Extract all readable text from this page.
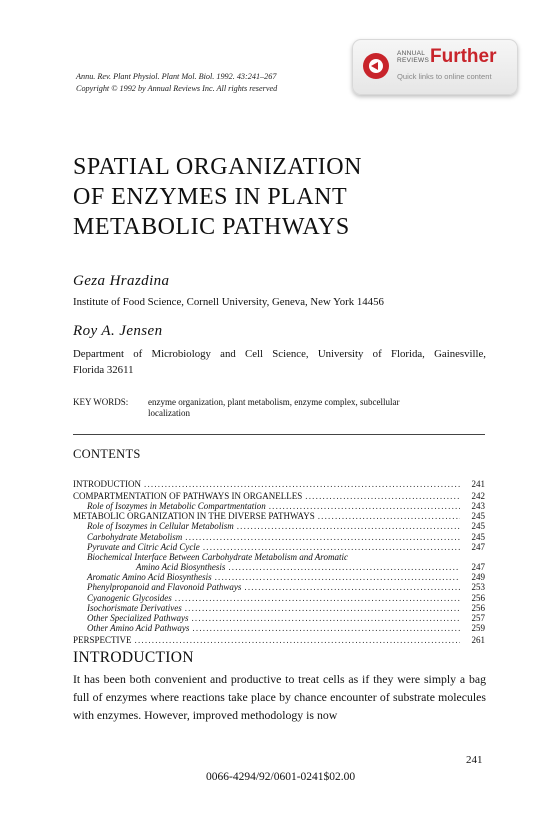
Annu. Rev. Plant Physiol. Plant Mol. Biol. 1992. 43:241–267
Copyright © 1992 by Annual Reviews Inc. All rights reserved
ANNUAL
REVIEWS Further
Quick links to online content
SPATIAL ORGANIZATION
OF ENZYMES IN PLANT
METABOLIC PATHWAYS
Geza Hrazdina
Institute of Food Science, Cornell University, Geneva, New York 14456
Roy A. Jensen
Department of Microbiology and Cell Science, University of Florida, Gainesville,
Florida 32611
KEY WORDS:	enzyme organization, plant metabolism, enzyme complex, subcellular
localization
CONTENTS
INTRODUCTION .....	241
COMPARTMENTATION OF PATHWAYS IN ORGANELLES .....	242
Role of Isozymes in Metabolic Compartmentation .....	243
METABOLIC ORGANIZATION IN THE DIVERSE PATHWAYS .....	245
Role of Isozymes in Cellular Metabolism .....	245
Carbohydrate Metabolism .....	245
Pyruvate and Citric Acid Cycle .....	247
Biochemical Interface Between Carbohydrate Metabolism and Aromatic
Amino Acid Biosynthesis .....	247
Aromatic Amino Acid Biosynthesis .....	249
Phenylpropanoid and Flavonoid Pathways .....	253
Cyanogenic Glycosides .....	256
Isochorismate Derivatives .....	256
Other Specialized Pathways .....	257
Other Amino Acid Pathways .....	259
PERSPECTIVE .....	261
INTRODUCTION
It has been both convenient and productive to treat cells as if they were simply a bag full of enzymes where reactions take place by chance encounter of substrate molecules with enzymes. However, improved methodology is now
241
0066-4294/92/0601-0241$02.00
